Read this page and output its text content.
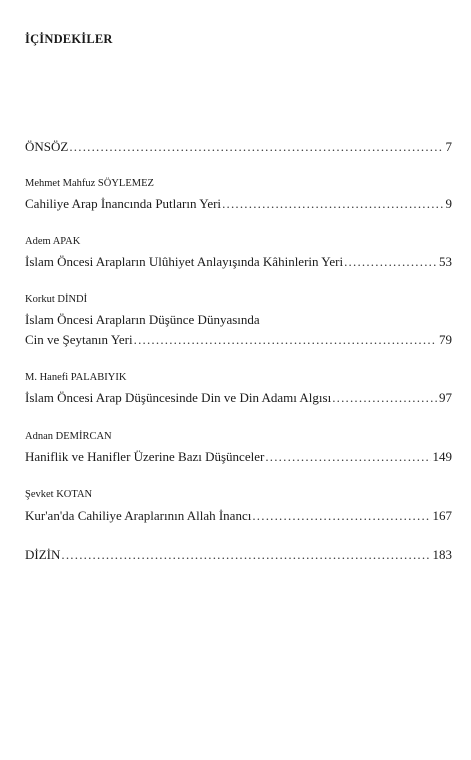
İÇİNDEKİLER
ÖNSÖZ .....	7
Mehmet Mahfuz SÖYLEMEZ
Cahiliye Arap İnancında Putların Yeri .....	9
Adem APAK
İslam Öncesi Arapların Ulûhiyet Anlayışında Kâhinlerin Yeri .....	53
Korkut DİNDİ
İslam Öncesi Arapların Düşünce Dünyasında
Cin ve Şeytanın Yeri .....	79
M. Hanefi PALABIYIK
İslam Öncesi Arap Düşüncesinde Din ve Din Adamı Algısı .....	97
Adnan DEMİRCAN
Haniflik ve Hanifler Üzerine Bazı Düşünceler .....	149
Şevket KOTAN
Kur'an'da Cahiliye Araplarının Allah İnancı .....	167
DİZİN .....	183
